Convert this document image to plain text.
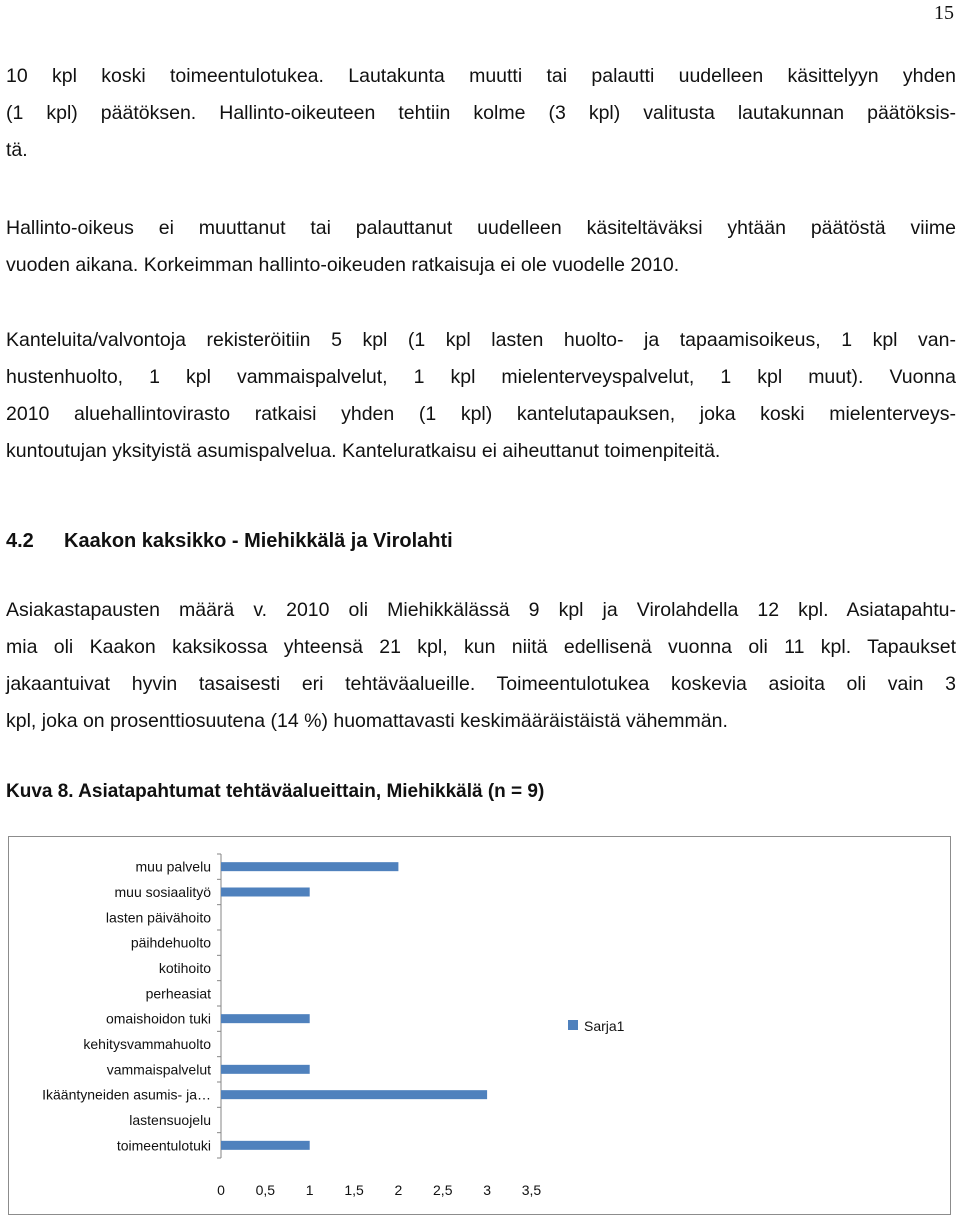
15

10 kpl koski toimeentulotukea. Lautakunta muutti tai palautti uudelleen käsittelyyn yhden
(1 kpl) päätöksen. Hallinto-oikeuteen tehtiin kolme (3 kpl) valitusta lautakunnan päätöksis-
tä.

Hallinto-oikeus ei muuttanut tai palauttanut uudelleen käsiteltäväksi yhtään päätöstä viime
vuoden aikana. Korkeimman hallinto-oikeuden ratkaisuja ei ole vuodelle 2010.

Kanteluita/valvontoja rekisteröitiin 5 kpl (1 kpl lasten huolto- ja tapaamisoikeus, 1 kpl van-
hustenhuolto, 1 kpl vammaispalvelut, 1 kpl mielenterveyspalvelut, 1 kpl muut). Vuonna
2010 aluehallintovirasto ratkaisi yhden (1 kpl) kantelutapauksen, joka koski mielenterveys-
kuntoutujan yksityistä asumispalvelua. Kanteluratkaisu ei aiheuttanut toimenpiteitä.

4.2 Kaakon kaksikko - Miehikkälä ja Virolahti

Asiakastapausten määrä v. 2010 oli Miehikkälässä 9 kpl ja Virolahdella 12 kpl. Asiatapahtu-
mia oli Kaakon kaksikossa yhteensä 21 kpl, kun niitä edellisenä vuonna oli 11 kpl. Tapaukset
jakaantuivat hyvin tasaisesti eri tehtäväalueille. Toimeentulotukea koskevia asioita oli vain 3
kpl, joka on prosenttiosuutena (14 %) huomattavasti keskimääräistäistä vähemmän.

Kuva 8. Asiatapahtumat tehtäväalueittain, Miehikkälä (n = 9)

muu palvelu
muu sosiaalityö
lasten päivähoito
päihdehuolto
kotihoito
perheasiat
omaishoidon tuki
kehitysvammahuolto
vammaispalvelut
Ikääntyneiden asumis- ja…
lastensuojelu
toimeentulotuki
0 0,5 1 1,5 2 2,5 3 3,5
Sarja1
